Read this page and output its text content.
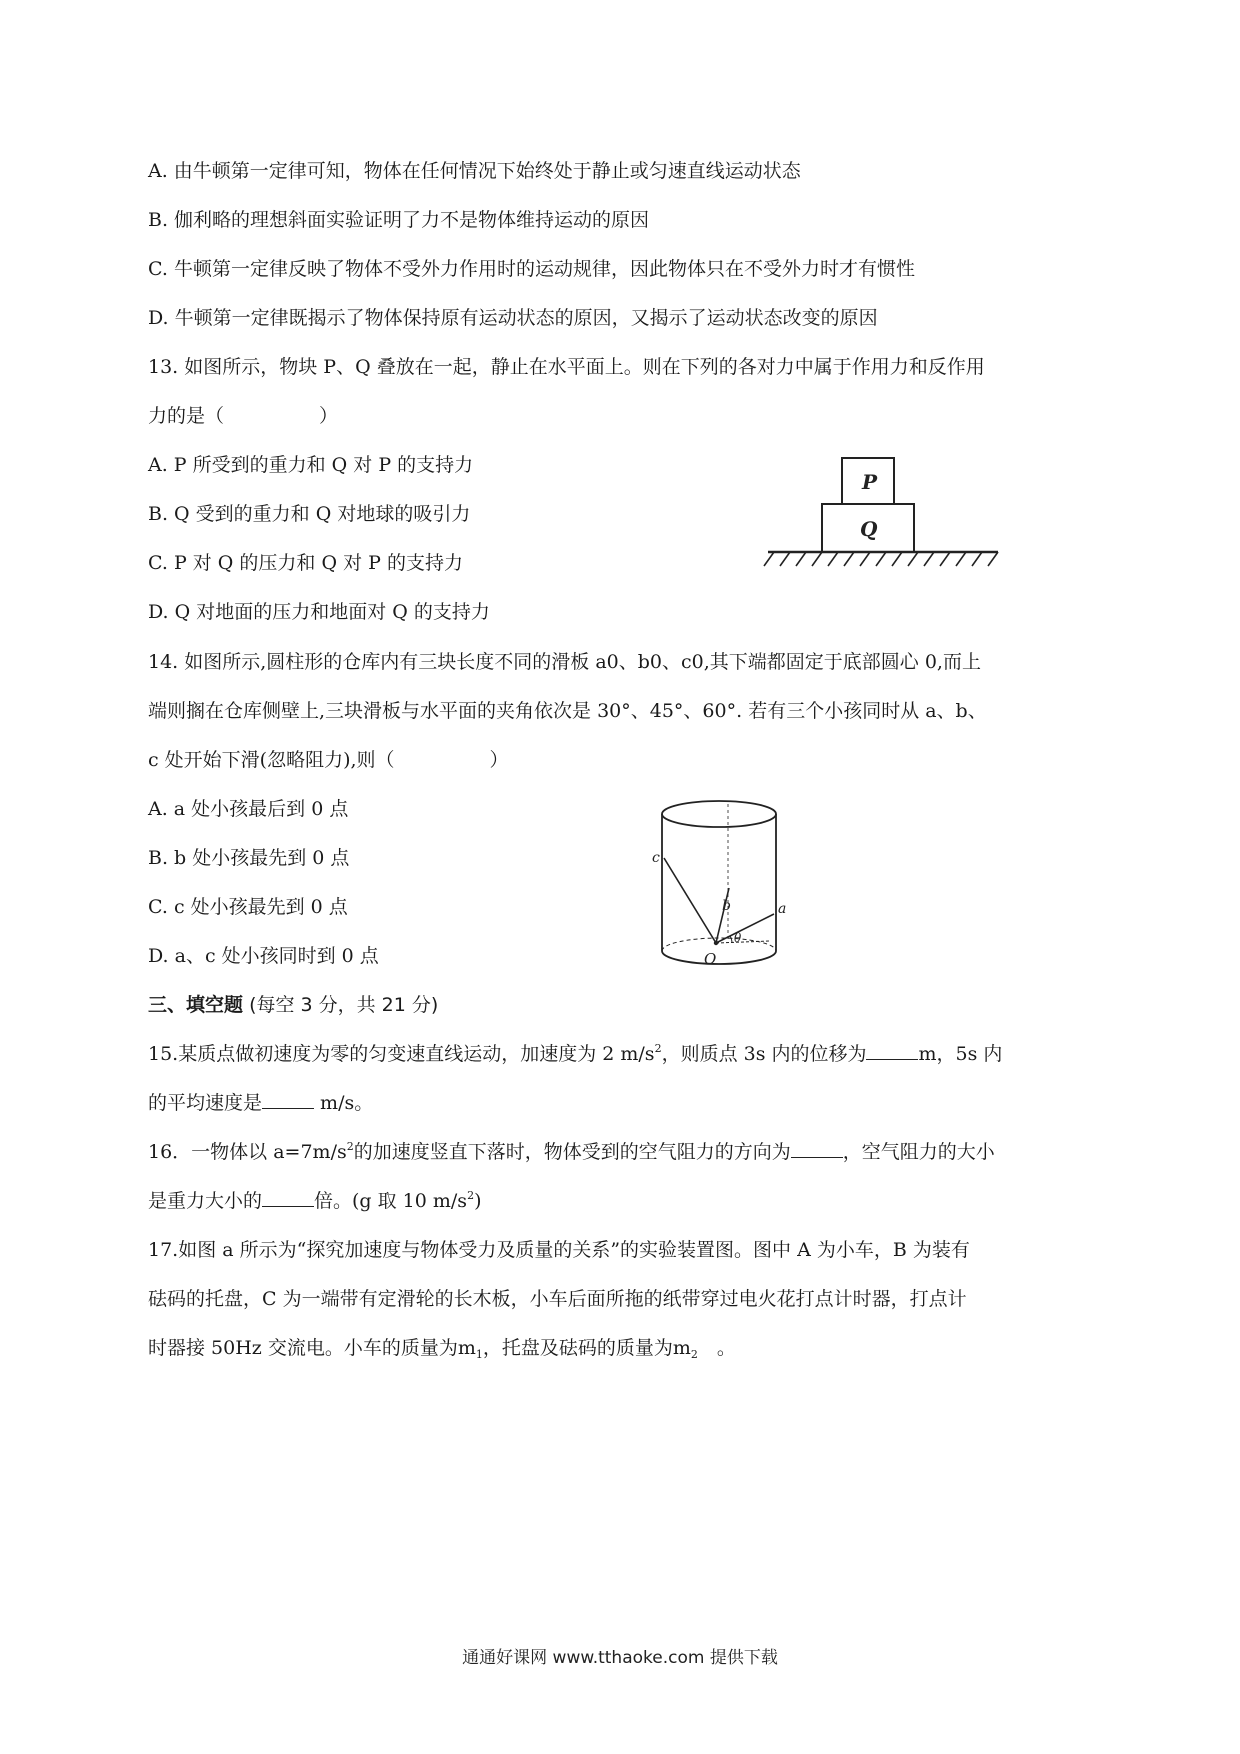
A. 由牛顿第一定律可知，物体在任何情况下始终处于静止或匀速直线运动状态
B. 伽利略的理想斜面实验证明了力不是物体维持运动的原因
C. 牛顿第一定律反映了物体不受外力作用时的运动规律，因此物体只在不受外力时才有惯性
D. 牛顿第一定律既揭示了物体保持原有运动状态的原因，又揭示了运动状态改变的原因
13. 如图所示，物块 P、Q 叠放在一起，静止在水平面上。则在下列的各对力中属于作用力和反作用
力的是（　　　　　）
A. P 所受到的重力和 Q 对 P 的支持力
B. Q 受到的重力和 Q 对地球的吸引力
C. P 对 Q 的压力和 Q 对 P 的支持力
D. Q 对地面的压力和地面对 Q 的支持力
P
Q
14. 如图所示,圆柱形的仓库内有三块长度不同的滑板 a0、b0、c0,其下端都固定于底部圆心 0,而上
端则搁在仓库侧壁上,三块滑板与水平面的夹角依次是 30°、45°、60°. 若有三个小孩同时从 a、b、
c 处开始下滑(忽略阻力),则（　　　　　）
A. a 处小孩最后到 0 点
B. b 处小孩最先到 0 点
C. c 处小孩最先到 0 点
D. a、c 处小孩同时到 0 点
c
b	a
O
θ
三、填空题 (每空 3 分，共 21 分)
15.某质点做初速度为零的匀变速直线运动，加速度为 2 $m/s^2$，则质点 3s 内的位移为	m，5s 内
的平均速度是	m/s。
16．一物体以 $a=7m/s^2$的加速度竖直下落时，物体受到的空气阻力的方向为	，空气阻力的大小
是重力大小的	倍。(g 取 10 $m/s^2$)
17.如图 a 所示为“探究加速度与物体受力及质量的关系”的实验装置图。图中 A 为小车，B 为装有
砝码的托盘，C 为一端带有定滑轮的长木板，小车后面所拖的纸带穿过电火花打点计时器，打点计
时器接 50Hz 交流电。小车的质量为$m_1$，托盘及砝码的质量为$m_2$　。
通通好课网 www.tthaoke.com 提供下载
